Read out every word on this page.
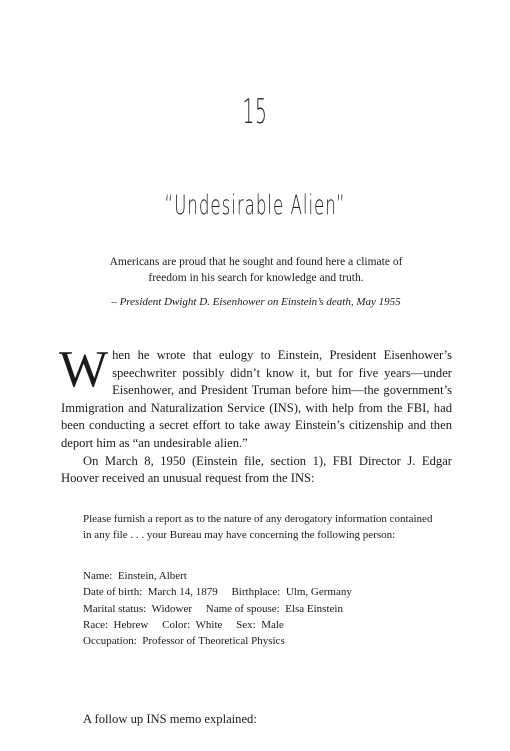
15
“Undesirable Alien”
Americans are proud that he sought and found here a climate of freedom in his search for knowledge and truth.
– President Dwight D. Eisenhower on Einstein’s death, May 1955

When he wrote that eulogy to Einstein, President Eisenhower’s speechwriter possibly didn’t know it, but for five years—under Eisenhower, and President Truman before him—the government’s Immigration and Naturalization Service (INS), with help from the FBI, had been conducting a secret effort to take away Einstein’s citizenship and then deport him as “an undesirable alien.”

On March 8, 1950 (Einstein file, section 1), FBI Director J. Edgar Hoover received an unusual request from the INS:

Please furnish a report as to the nature of any derogatory information contained in any file . . . your Bureau may have concerning the following person:

Name:  Einstein, Albert
Date of birth:  March 14, 1879     Birthplace:  Ulm, Germany
Marital status:  Widower     Name of spouse:  Elsa Einstein
Race:  Hebrew     Color:  White     Sex:  Male
Occupation:  Professor of Theoretical Physics
A follow up INS memo explained:
